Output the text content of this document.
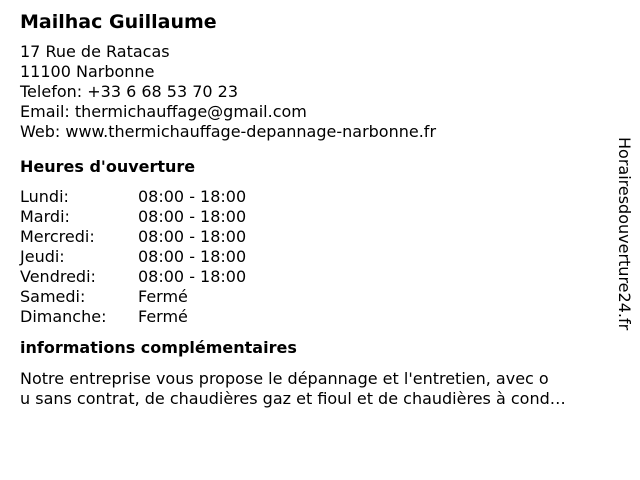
Mailhac Guillaume
17 Rue de Ratacas
11100 Narbonne
Telefon: +33 6 68 53 70 23
Email: thermichauffage@gmail.com
Web: www.thermichauffage-depannage-narbonne.fr
Heures d'ouverture
Lundi:	08:00 - 18:00
Mardi:	08:00 - 18:00
Mercredi:	08:00 - 18:00
Jeudi:	08:00 - 18:00
Vendredi:	08:00 - 18:00
Samedi:	Fermé
Dimanche:	Fermé
informations complémentaires
Notre entreprise vous propose le dépannage et l'entretien, avec o
u sans contrat, de chaudières gaz et fioul et de chaudières à cond…
Horairesdouverture24.fr
